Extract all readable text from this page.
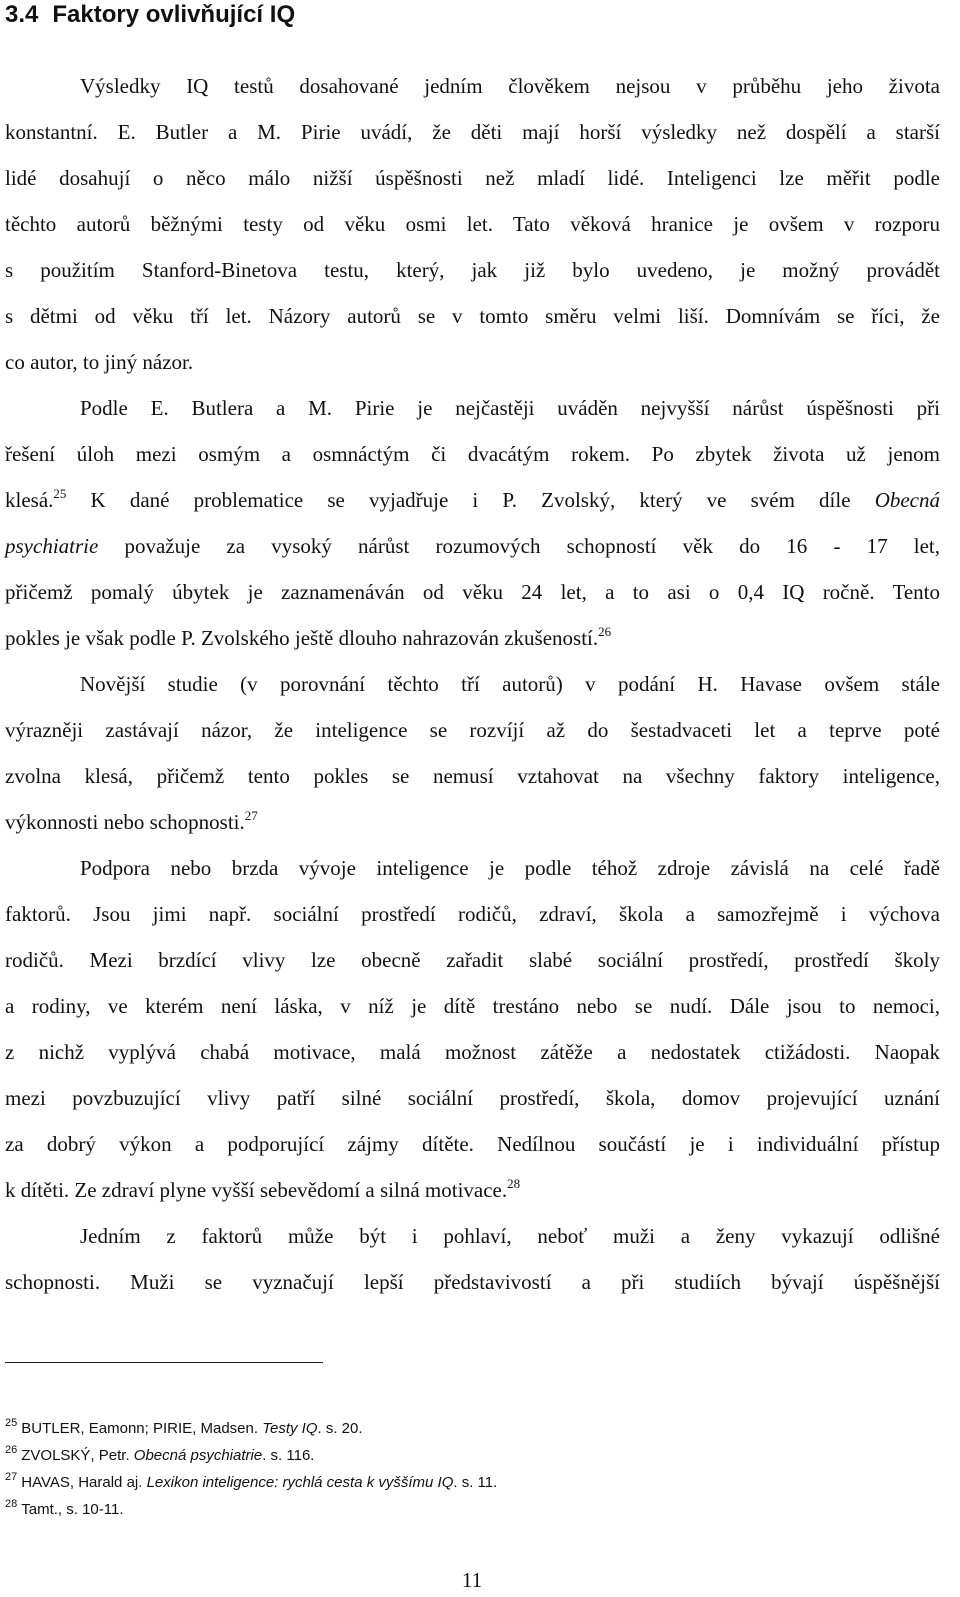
3.4 Faktory ovlivňující IQ
Výsledky IQ testů dosahované jedním člověkem nejsou v průběhu jeho života
konstantní. E. Butler a M. Pirie uvádí, že děti mají horší výsledky než dospělí a starší
lidé dosahují o něco málo nižší úspěšnosti než mladí lidé. Inteligenci lze měřit podle
těchto autorů běžnými testy od věku osmi let. Tato věková hranice je ovšem v rozporu
s použitím Stanford-Binetova testu, který, jak již bylo uvedeno, je možný provádět
s dětmi od věku tří let. Názory autorů se v tomto směru velmi liší. Domnívám se říci, že
co autor, to jiný názor.
Podle E. Butlera a M. Pirie je nejčastěji uváděn nejvyšší nárůst úspěšnosti při
řešení úloh mezi osmým a osmnáctým či dvacátým rokem. Po zbytek života už jenom
klesá.$^{25}$ K dané problematice se vyjadřuje i P. Zvolský, který ve svém díle Obecná
psychiatrie považuje za vysoký nárůst rozumových schopností věk do 16 - 17 let,
přičemž pomalý úbytek je zaznamenáván od věku 24 let, a to asi o 0,4 IQ ročně. Tento
pokles je však podle P. Zvolského ještě dlouho nahrazován zkušeností.$^{26}$
Novější studie (v porovnání těchto tří autorů) v podání H. Havase ovšem stále
výrazněji zastávají názor, že inteligence se rozvíjí až do šestadvaceti let a teprve poté
zvolna klesá, přičemž tento pokles se nemusí vztahovat na všechny faktory inteligence,
výkonnosti nebo schopnosti.$^{27}$
Podpora nebo brzda vývoje inteligence je podle téhož zdroje závislá na celé řadě
faktorů. Jsou jimi např. sociální prostředí rodičů, zdraví, škola a samozřejmě i výchova
rodičů. Mezi brzdící vlivy lze obecně zařadit slabé sociální prostředí, prostředí školy
a rodiny, ve kterém není láska, v níž je dítě trestáno nebo se nudí. Dále jsou to nemoci,
z nichž vyplývá chabá motivace, malá možnost zátěže a nedostatek ctižádosti. Naopak
mezi povzbuzující vlivy patří silné sociální prostředí, škola, domov projevující uznání
za dobrý výkon a podporující zájmy dítěte. Nedílnou součástí je i individuální přístup
k dítěti. Ze zdraví plyne vyšší sebevědomí a silná motivace.$^{28}$
Jedním z faktorů může být i pohlaví, neboť muži a ženy vykazují odlišné
schopnosti. Muži se vyznačují lepší představivostí a při studiích bývají úspěšnější
$^{25}$ BUTLER, Eamonn; PIRIE, Madsen. Testy IQ. s. 20.
$^{26}$ ZVOLSKÝ, Petr. Obecná psychiatrie. s. 116.
$^{27}$ HAVAS, Harald aj. Lexikon inteligence: rychlá cesta k vyššímu IQ. s. 11.
$^{28}$ Tamt., s. 10-11.
11
